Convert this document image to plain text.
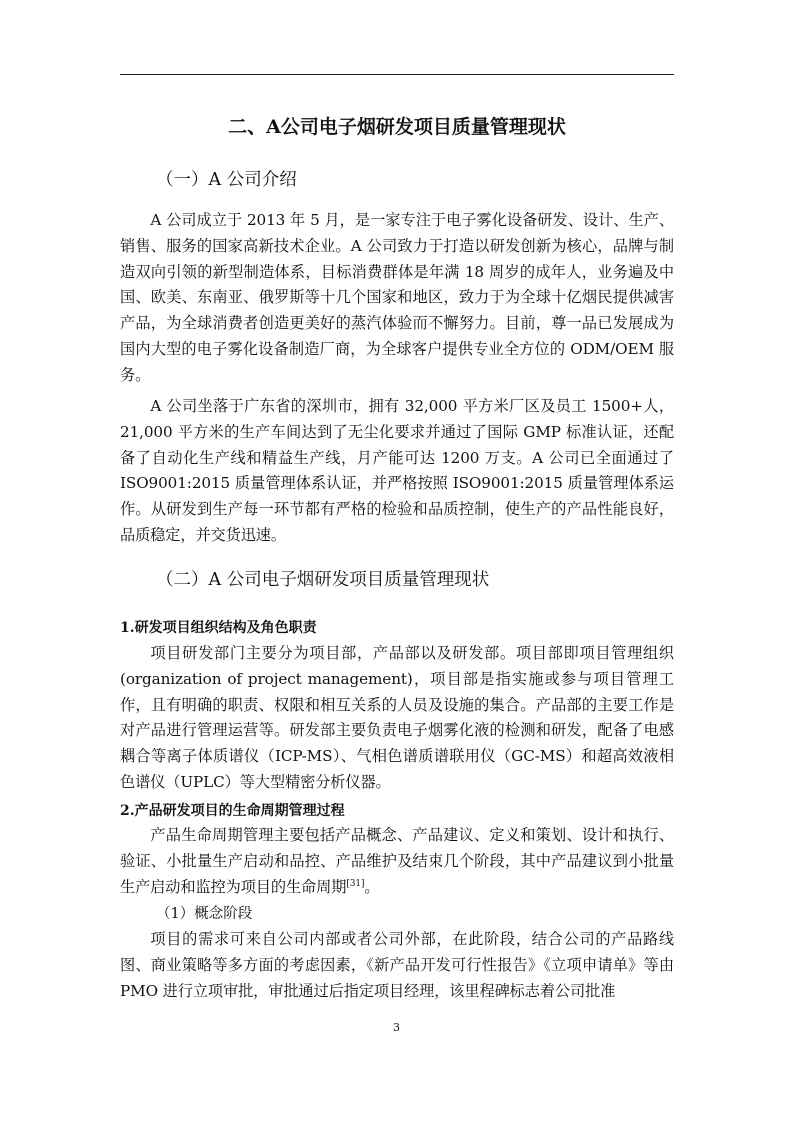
二、A公司电子烟研发项目质量管理现状
（一）A 公司介绍

A 公司成立于 2013 年 5 月，是一家专注于电子雾化设备研发、设计、生产、销售、服务的国家高新技术企业。A 公司致力于打造以研发创新为核心，品牌与制造双向引领的新型制造体系，目标消费群体是年满 18 周岁的成年人，业务遍及中国、欧美、东南亚、俄罗斯等十几个国家和地区，致力于为全球十亿烟民提供减害产品，为全球消费者创造更美好的蒸汽体验而不懈努力。目前，尊一品已发展成为国内大型的电子雾化设备制造厂商，为全球客户提供专业全方位的 ODM/OEM 服务。

A 公司坐落于广东省的深圳市，拥有 32,000 平方米厂区及员工 1500+人，21,000 平方米的生产车间达到了无尘化要求并通过了国际 GMP 标准认证，还配备了自动化生产线和精益生产线，月产能可达 1200 万支。A 公司已全面通过了 ISO9001:2015 质量管理体系认证，并严格按照 ISO9001:2015 质量管理体系运作。从研发到生产每一环节都有严格的检验和品质控制，使生产的产品性能良好，品质稳定，并交货迅速。

（二）A 公司电子烟研发项目质量管理现状
1.研发项目组织结构及角色职责

项目研发部门主要分为项目部，产品部以及研发部。项目部即项目管理组织 (organization of project management)，项目部是指实施或参与项目管理工作，且有明确的职责、权限和相互关系的人员及设施的集合。产品部的主要工作是对产品进行管理运营等。研发部主要负责电子烟雾化液的检测和研发，配备了电感耦合等离子体质谱仪（ICP-MS）、气相色谱质谱联用仪（GC-MS）和超高效液相色谱仪（UPLC）等大型精密分析仪器。

2.产品研发项目的生命周期管理过程

产品生命周期管理主要包括产品概念、产品建议、定义和策划、设计和执行、验证、小批量生产启动和品控、产品维护及结束几个阶段，其中产品建议到小批量生产启动和监控为项目的生命周期[31]。

（1）概念阶段

项目的需求可来自公司内部或者公司外部，在此阶段，结合公司的产品路线图、商业策略等多方面的考虑因素，《新产品开发可行性报告》《立项申请单》等由 PMO 进行立项审批，审批通过后指定项目经理，该里程碑标志着公司批准

3
